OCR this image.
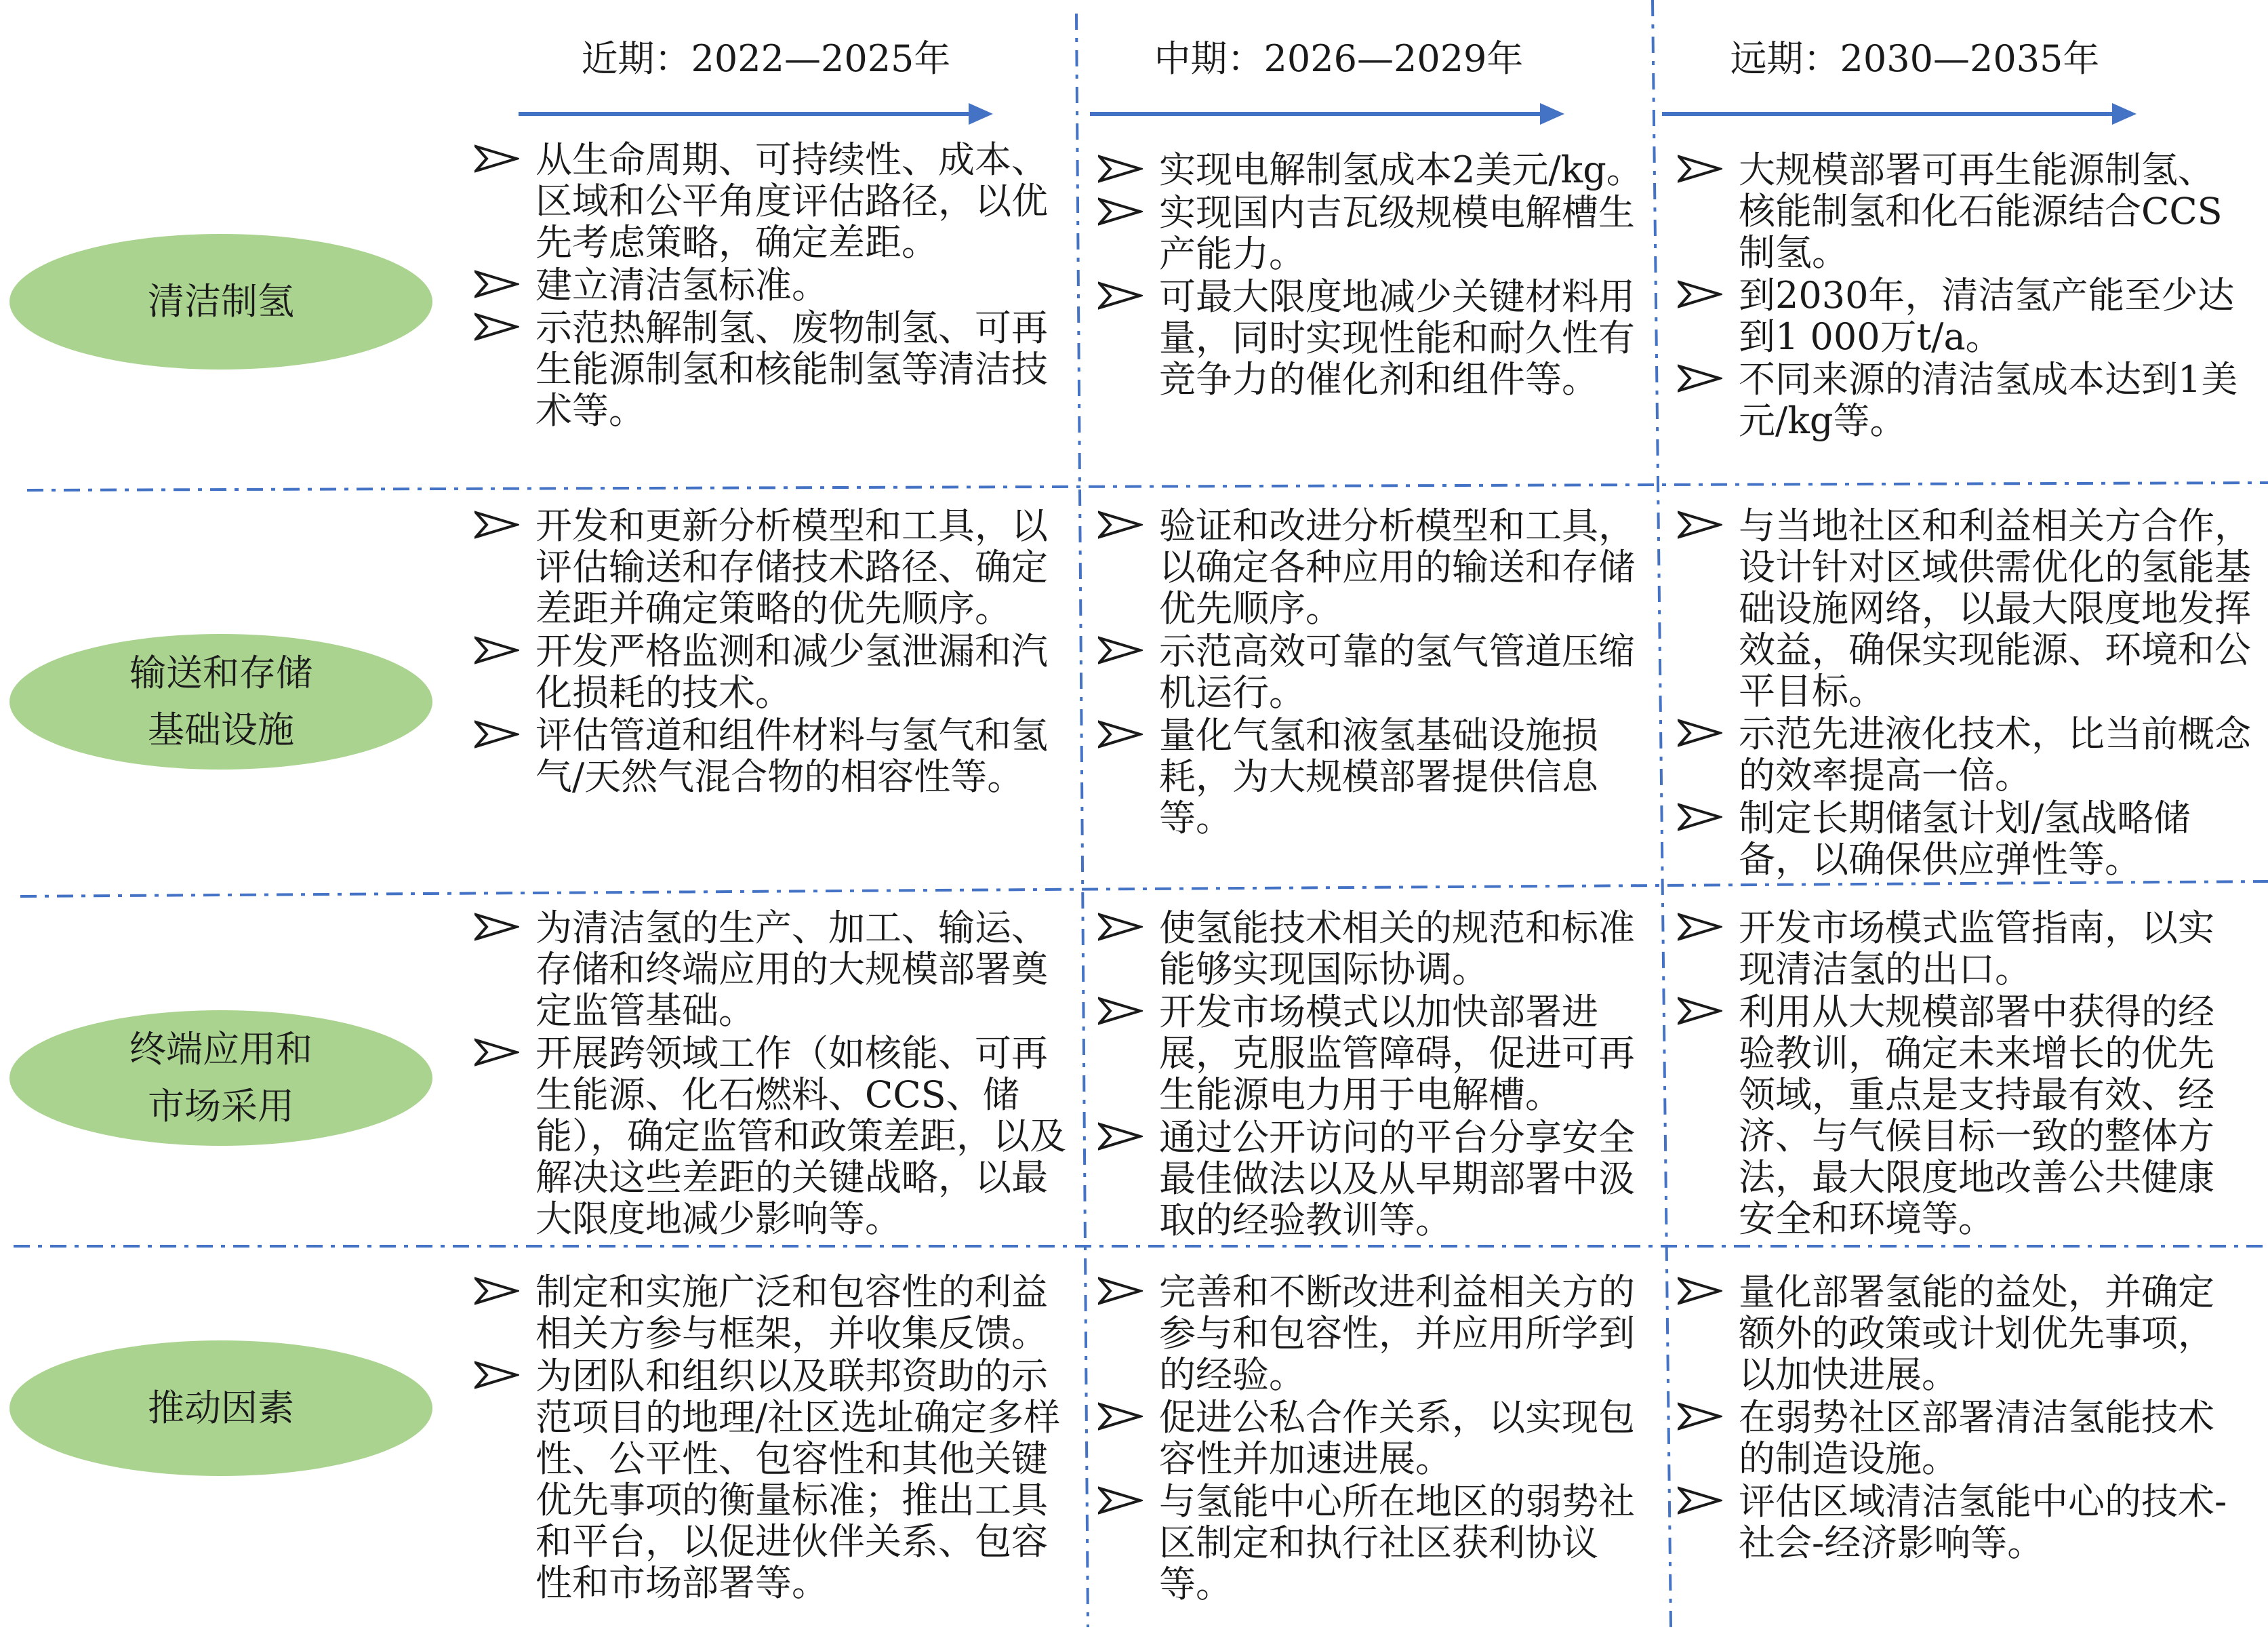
近期：2022—2025年	中期：2026—2029年	远期：2030—2035年
清洁制氢
输送和存储基础设施
终端应用和市场采用
推动因素
从生命周期、可持续性、成本、区域和公平角度评估路径，以优先考虑策略，确定差距。
建立清洁氢标准。
示范热解制氢、废物制氢、可再生能源制氢和核能制氢等清洁技术等。
实现电解制氢成本2美元/kg。
实现国内吉瓦级规模电解槽生产能力。
可最大限度地减少关键材料用量，同时实现性能和耐久性有竞争力的催化剂和组件等。
大规模部署可再生能源制氢、核能制氢和化石能源结合CCS制氢。
到2030年，清洁氢产能至少达到1 000万t/a。
不同来源的清洁氢成本达到1美元/kg等。
开发和更新分析模型和工具，以评估输送和存储技术路径、确定差距并确定策略的优先顺序。
开发严格监测和减少氢泄漏和汽化损耗的技术。
评估管道和组件材料与氢气和氢气/天然气混合物的相容性等。
验证和改进分析模型和工具，以确定各种应用的输送和存储优先顺序。
示范高效可靠的氢气管道压缩机运行。
量化气氢和液氢基础设施损耗，为大规模部署提供信息等。
与当地社区和利益相关方合作，设计针对区域供需优化的氢能基础设施网络，以最大限度地发挥效益，确保实现能源、环境和公平目标。
示范先进液化技术，比当前概念的效率提高一倍。
制定长期储氢计划/氢战略储备，以确保供应弹性等。
为清洁氢的生产、加工、输运、存储和终端应用的大规模部署奠定监管基础。
开展跨领域工作（如核能、可再生能源、化石燃料、CCS、储能），确定监管和政策差距，以及解决这些差距的关键战略，以最大限度地减少影响等。
使氢能技术相关的规范和标准能够实现国际协调。
开发市场模式以加快部署进展，克服监管障碍，促进可再生能源电力用于电解槽。
通过公开访问的平台分享安全最佳做法以及从早期部署中汲取的经验教训等。
开发市场模式监管指南，以实现清洁氢的出口。
利用从大规模部署中获得的经验教训，确定未来增长的优先领域，重点是支持最有效、经济、与气候目标一致的整体方法，最大限度地改善公共健康安全和环境等。
制定和实施广泛和包容性的利益相关方参与框架，并收集反馈。
为团队和组织以及联邦资助的示范项目的地理/社区选址确定多样性、公平性、包容性和其他关键优先事项的衡量标准；推出工具和平台，以促进伙伴关系、包容性和市场部署等。
完善和不断改进利益相关方的参与和包容性，并应用所学到的经验。
促进公私合作关系，以实现包容性并加速进展。
与氢能中心所在地区的弱势社区制定和执行社区获利协议等。
量化部署氢能的益处，并确定额外的政策或计划优先事项，以加快进展。
在弱势社区部署清洁氢能技术的制造设施。
评估区域清洁氢能中心的技术-社会-经济影响等。
